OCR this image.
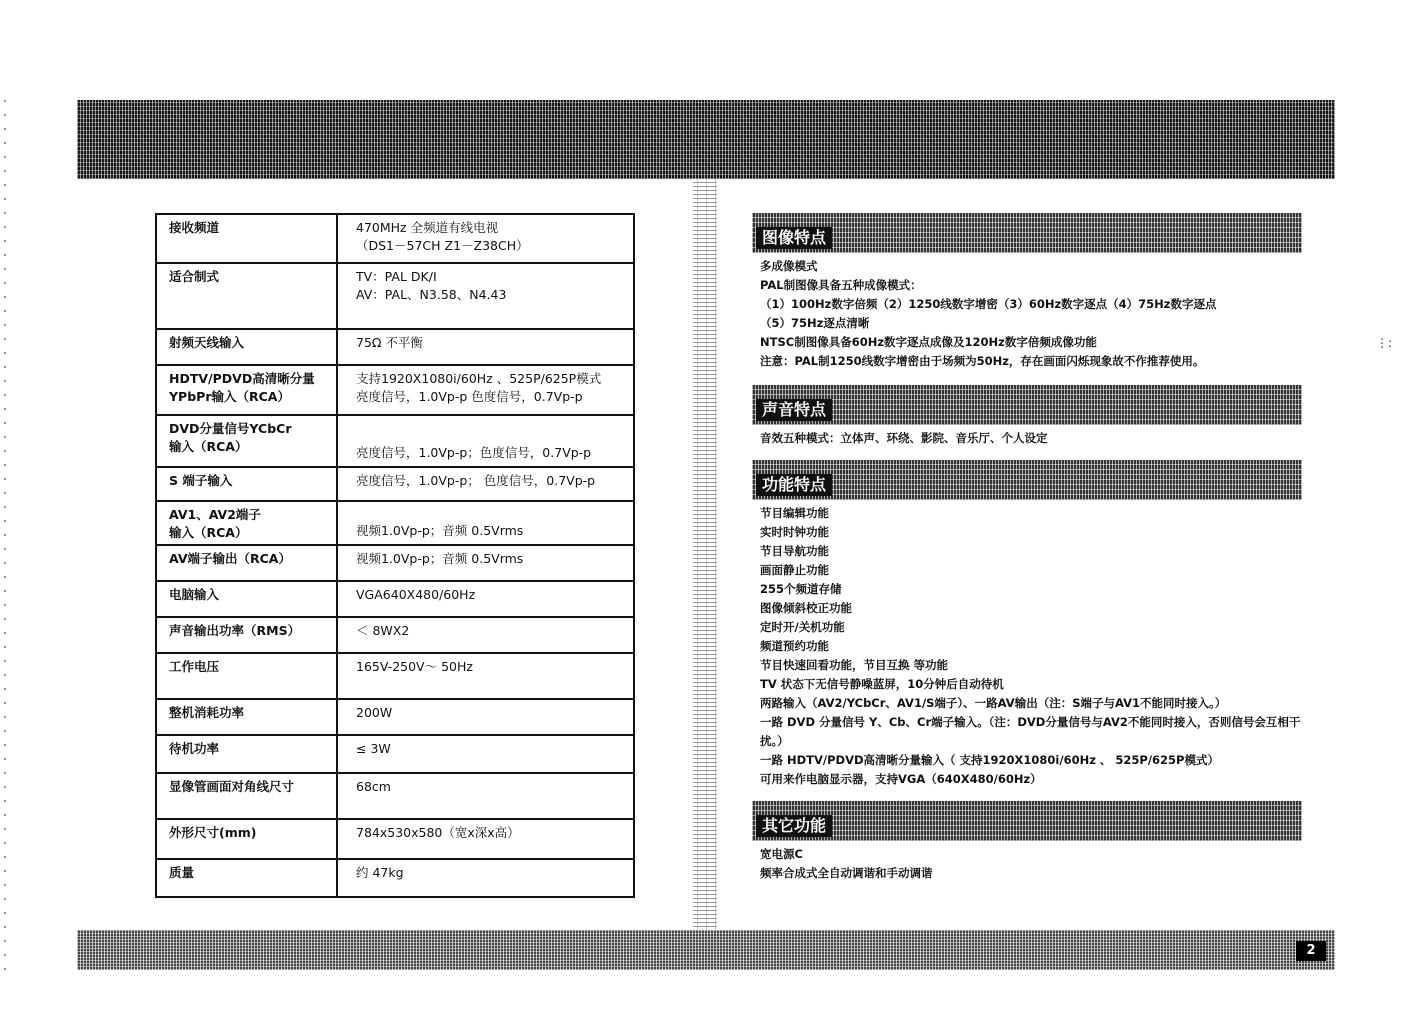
2
⋮:
接收频道	470MHz 全频道有线电视
（DS1－57CH Z1－Z38CH）

适合制式	TV：PAL DK/I
AV：PAL、N3.58、N4.43

射频天线输入	75Ω 不平衡

HDTV/PDVD高清晰分量
YPbPr输入（RCA）	支持1920X1080i/60Hz 、525P/625P模式
亮度信号，1.0Vp-p 色度信号，0.7Vp-p

DVD分量信号YCbCr
输入（RCA）	亮度信号，1.0Vp-p；色度信号，0.7Vp-p

S 端子输入	亮度信号，1.0Vp-p； 色度信号，0.7Vp-p

AV1、AV2端子
输入（RCA）	视频1.0Vp-p；音频 0.5Vrms

AV端子输出（RCA）	视频1.0Vp-p；音频 0.5Vrms

电脑输入	VGA640X480/60Hz

声音输出功率（RMS）	＜ 8WX2

工作电压	165V-250V～ 50Hz

整机消耗功率	200W

待机功率	≤ 3W

显像管画面对角线尺寸	68cm

外形尺寸(mm)	784x530x580（宽x深x高）

质量	约 47kg
图像特点
多成像模式
PAL制图像具备五种成像模式：
（1）100Hz数字倍频（2）1250线数字增密（3）60Hz数字逐点（4）75Hz数字逐点
（5）75Hz逐点清晰
NTSC制图像具备60Hz数字逐点成像及120Hz数字倍频成像功能
注意：PAL制1250线数字增密由于场频为50Hz，存在画面闪烁现象故不作推荐使用。
声音特点
音效五种模式：立体声、环绕、影院、音乐厅、个人设定
功能特点
节目编辑功能
实时时钟功能
节目导航功能
画面静止功能
255个频道存储
图像倾斜校正功能
定时开/关机功能
频道预约功能
节目快速回看功能，节目互换 等功能
TV 状态下无信号静噪蓝屏，10分钟后自动待机
两路输入（AV2/YCbCr、AV1/S端子）、一路AV输出（注：S端子与AV1不能同时接入。）
一路 DVD 分量信号 Y、Cb、Cr端子输入。（注：DVD分量信号与AV2不能同时接入，否则信号会互相干扰。）
一路 HDTV/PDVD高清晰分量输入（ 支持1920X1080i/60Hz 、 525P/625P模式）
可用来作电脑显示器，支持VGA（640X480/60Hz）
其它功能
宽电源C
频率合成式全自动调谐和手动调谐
